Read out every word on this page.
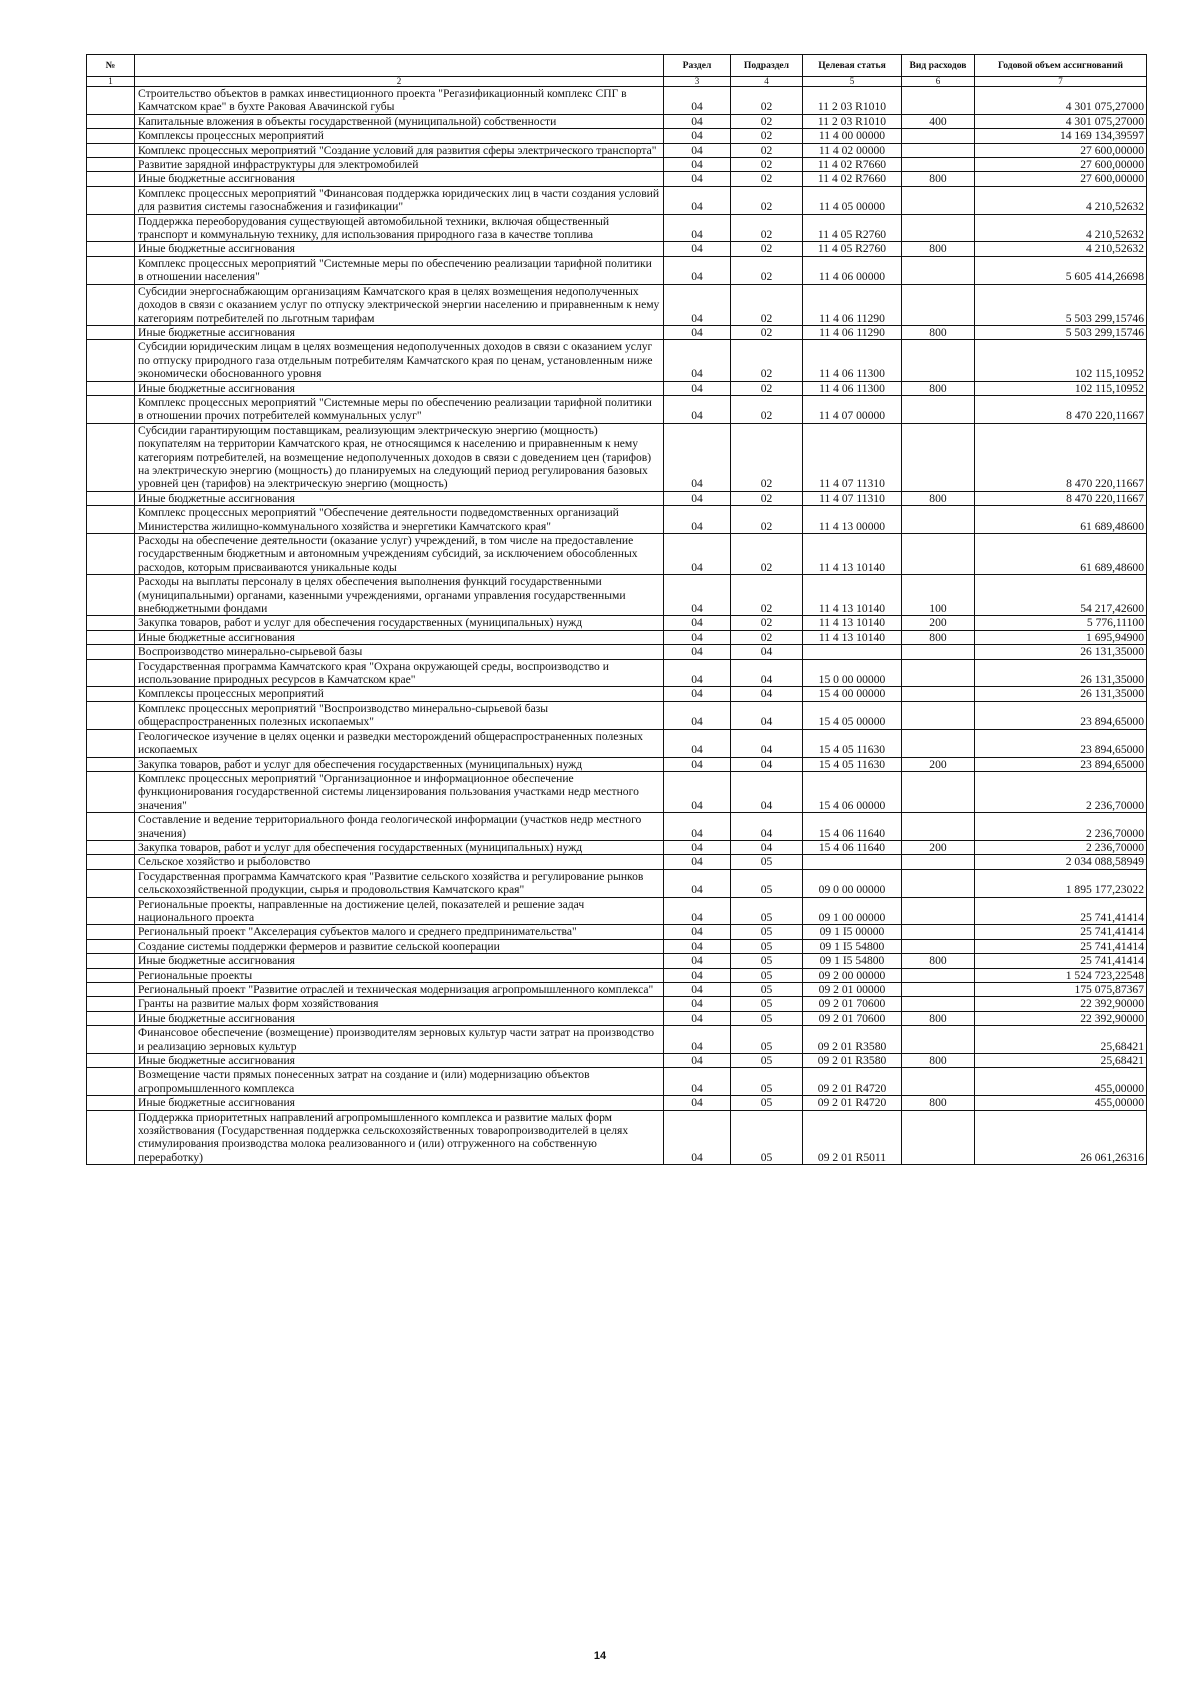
№		Раздел	Подраздел	Целевая статья	Вид расходов	Годовой объем ассигнований
1	2	3	4	5	6	7
	Строительство объектов в рамках инвестиционного проекта "Регазификационный комплекс СПГ в Камчатском крае" в бухте Раковая Авачинской губы	04	02	11 2 03 R1010		4 301 075,27000
	Капитальные вложения в объекты государственной (муниципальной) собственности	04	02	11 2 03 R1010	400	4 301 075,27000
	Комплексы процессных мероприятий	04	02	11 4 00 00000		14 169 134,39597
	Комплекс процессных мероприятий "Создание условий для развития сферы электрического транспорта"	04	02	11 4 02 00000		27 600,00000
	Развитие зарядной инфраструктуры для электромобилей	04	02	11 4 02 R7660		27 600,00000
	Иные бюджетные ассигнования	04	02	11 4 02 R7660	800	27 600,00000
	Комплекс процессных мероприятий "Финансовая поддержка юридических лиц в части создания условий для развития системы газоснабжения и газификации"	04	02	11 4 05 00000		4 210,52632
	Поддержка переоборудования существующей автомобильной техники, включая общественный транспорт и коммунальную технику, для использования природного газа в качестве топлива	04	02	11 4 05 R2760		4 210,52632
	Иные бюджетные ассигнования	04	02	11 4 05 R2760	800	4 210,52632
	Комплекс процессных мероприятий "Системные меры по обеспечению реализации тарифной политики в отношении населения"	04	02	11 4 06 00000		5 605 414,26698
	Субсидии энергоснабжающим организациям Камчатского края в целях возмещения недополученных доходов в связи с оказанием услуг по отпуску электрической энергии населению и приравненным к нему категориям потребителей по льготным тарифам	04	02	11 4 06 11290		5 503 299,15746
	Иные бюджетные ассигнования	04	02	11 4 06 11290	800	5 503 299,15746
	Субсидии юридическим лицам в целях возмещения недополученных доходов в связи с оказанием услуг по отпуску природного газа отдельным потребителям Камчатского края по ценам, установленным ниже экономически обоснованного уровня	04	02	11 4 06 11300		102 115,10952
	Иные бюджетные ассигнования	04	02	11 4 06 11300	800	102 115,10952
	Комплекс процессных мероприятий "Системные меры по обеспечению реализации тарифной политики в отношении прочих потребителей коммунальных услуг"	04	02	11 4 07 00000		8 470 220,11667
	Субсидии гарантирующим поставщикам, реализующим электрическую энергию (мощность) покупателям на территории Камчатского края, не относящимся к населению и приравненным к нему категориям потребителей, на возмещение недополученных доходов в связи с доведением цен (тарифов) на электрическую энергию (мощность) до планируемых на следующий период регулирования базовых уровней цен (тарифов) на электрическую энергию (мощность)	04	02	11 4 07 11310		8 470 220,11667
	Иные бюджетные ассигнования	04	02	11 4 07 11310	800	8 470 220,11667
	Комплекс процессных мероприятий "Обеспечение деятельности подведомственных организаций Министерства жилищно-коммунального хозяйства и энергетики Камчатского края"	04	02	11 4 13 00000		61 689,48600
	Расходы на обеспечение деятельности (оказание услуг) учреждений, в том числе на предоставление государственным бюджетным и автономным учреждениям субсидий, за исключением обособленных расходов, которым присваиваются уникальные коды	04	02	11 4 13 10140		61 689,48600
	Расходы на выплаты персоналу в целях обеспечения выполнения функций государственными (муниципальными) органами, казенными учреждениями, органами управления государственными внебюджетными фондами	04	02	11 4 13 10140	100	54 217,42600
	Закупка товаров, работ и услуг для обеспечения государственных (муниципальных) нужд	04	02	11 4 13 10140	200	5 776,11100
	Иные бюджетные ассигнования	04	02	11 4 13 10140	800	1 695,94900
	Воспроизводство минерально-сырьевой базы	04	04			26 131,35000
	Государственная программа Камчатского края "Охрана окружающей среды, воспроизводство и использование природных ресурсов в Камчатском крае"	04	04	15 0 00 00000		26 131,35000
	Комплексы процессных мероприятий	04	04	15 4 00 00000		26 131,35000
	Комплекс процессных мероприятий "Воспроизводство минерально-сырьевой базы общераспространенных полезных ископаемых"	04	04	15 4 05 00000		23 894,65000
	Геологическое изучение в целях оценки и разведки месторождений общераспространенных полезных ископаемых	04	04	15 4 05 11630		23 894,65000
	Закупка товаров, работ и услуг для обеспечения государственных (муниципальных) нужд	04	04	15 4 05 11630	200	23 894,65000
	Комплекс процессных мероприятий "Организационное и информационное обеспечение функционирования государственной системы лицензирования пользования участками недр местного значения"	04	04	15 4 06 00000		2 236,70000
	Составление и ведение территориального фонда геологической информации (участков недр местного значения)	04	04	15 4 06 11640		2 236,70000
	Закупка товаров, работ и услуг для обеспечения государственных (муниципальных) нужд	04	04	15 4 06 11640	200	2 236,70000
	Сельское хозяйство и рыболовство	04	05			2 034 088,58949
	Государственная программа Камчатского края "Развитие сельского хозяйства и регулирование рынков сельскохозяйственной продукции, сырья и продовольствия Камчатского края"	04	05	09 0 00 00000		1 895 177,23022
	Региональные проекты, направленные на достижение целей, показателей и решение задач национального проекта	04	05	09 1 00 00000		25 741,41414
	Региональный проект "Акселерация субъектов малого и среднего предпринимательства"	04	05	09 1 I5 00000		25 741,41414
	Создание системы поддержки фермеров и развитие сельской кооперации	04	05	09 1 I5 54800		25 741,41414
	Иные бюджетные ассигнования	04	05	09 1 I5 54800	800	25 741,41414
	Региональные проекты	04	05	09 2 00 00000		1 524 723,22548
	Региональный проект "Развитие отраслей и техническая модернизация агропромышленного комплекса"	04	05	09 2 01 00000		175 075,87367
	Гранты на развитие малых форм хозяйствования	04	05	09 2 01 70600		22 392,90000
	Иные бюджетные ассигнования	04	05	09 2 01 70600	800	22 392,90000
	Финансовое обеспечение (возмещение) производителям зерновых культур части затрат на производство и реализацию зерновых культур	04	05	09 2 01 R3580		25,68421
	Иные бюджетные ассигнования	04	05	09 2 01 R3580	800	25,68421
	Возмещение части прямых понесенных затрат на создание и (или) модернизацию объектов агропромышленного комплекса	04	05	09 2 01 R4720		455,00000
	Иные бюджетные ассигнования	04	05	09 2 01 R4720	800	455,00000
	Поддержка приоритетных направлений агропромышленного комплекса и развитие малых форм хозяйствования (Государственная поддержка сельскохозяйственных товаропроизводителей в целях стимулирования производства молока реализованного и (или) отгруженного на собственную переработку)	04	05	09 2 01 R5011		26 061,26316
14
